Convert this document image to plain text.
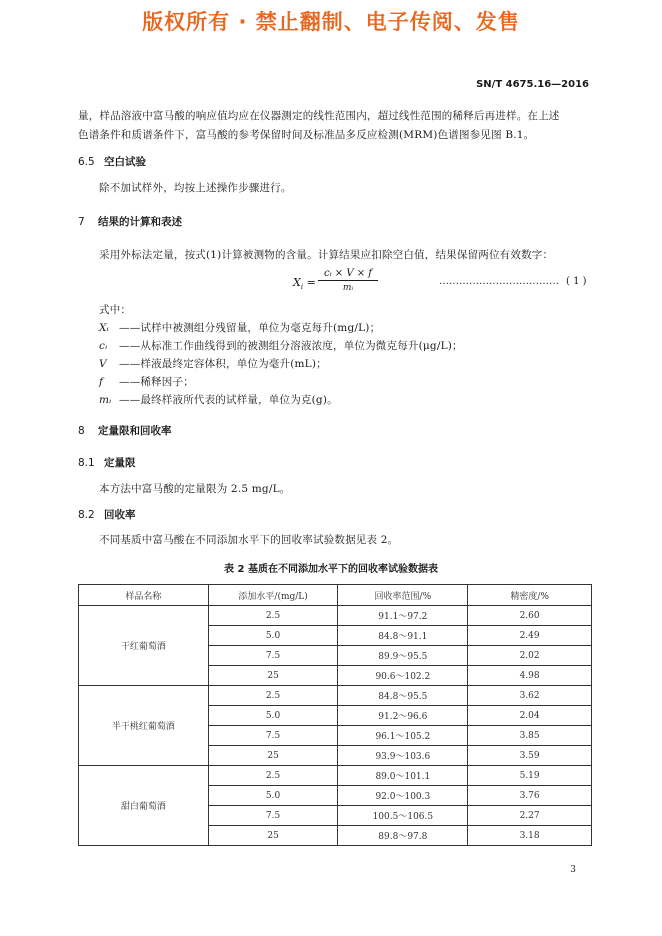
版权所有 · 禁止翻制、电子传阅、发售
SN/T 4675.16—2016
量，样品溶液中富马酸的响应值均应在仪器测定的线性范围内，超过线性范围的稀释后再进样。在上述
色谱条件和质谱条件下，富马酸的参考保留时间及标准品多反应检测(MRM)色谱图参见图 B.1。
6.5 空白试验
除不加试样外，均按上述操作步骤进行。
7 结果的计算和表述
采用外标法定量，按式(1)计算被测物的含量。计算结果应扣除空白值，结果保留两位有效数字：
$X_i = \frac{\text{cᵢ × V × f}}{\text{mᵢ}}$	……………………………… ( 1 )
式中：
Xᵢ ——试样中被测组分残留量，单位为毫克每升(mg/L)；
cᵢ ——从标准工作曲线得到的被测组分溶液浓度，单位为微克每升(μg/L)；
V ——样液最终定容体积，单位为毫升(mL)；
f ——稀释因子；
mᵢ ——最终样液所代表的试样量，单位为克(g)。
8 定量限和回收率
8.1 定量限
本方法中富马酸的定量限为 2.5 mg/L。
8.2 回收率
不同基质中富马酸在不同添加水平下的回收率试验数据见表 2。
表 2 基质在不同添加水平下的回收率试验数据表
样品名称	添加水平/(mg/L)	回收率范围/%	精密度/%
干红葡萄酒	2.5	91.1～97.2	2.60
	5.0	84.8～91.1	2.49
	7.5	89.9～95.5	2.02
	25	90.6～102.2	4.98
半干桃红葡萄酒	2.5	84.8～95.5	3.62
	5.0	91.2～96.6	2.04
	7.5	96.1～105.2	3.85
	25	93.9～103.6	3.59
甜白葡萄酒	2.5	89.0～101.1	5.19
	5.0	92.0～100.3	3.76
	7.5	100.5～106.5	2.27
	25	89.8～97.8	3.18
3
